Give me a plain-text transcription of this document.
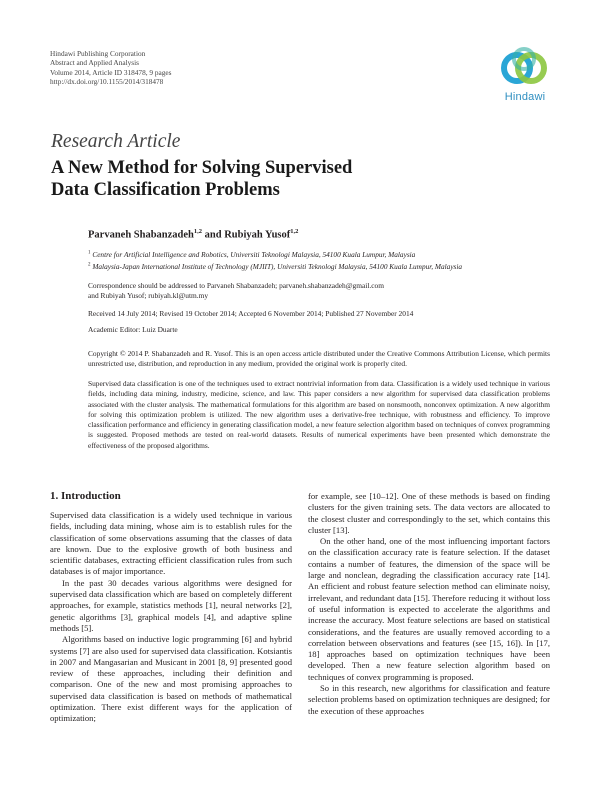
Hindawi Publishing Corporation
Abstract and Applied Analysis
Volume 2014, Article ID 318478, 9 pages
http://dx.doi.org/10.1155/2014/318478
Hindawi
Research Article
A New Method for Solving Supervised
Data Classification Problems
Parvaneh Shabanzadeh$^{1,2}$ and Rubiyah Yusof$^{1,2}$
$^1$ Centre for Artificial Intelligence and Robotics, Universiti Teknologi Malaysia, 54100 Kuala Lumpur, Malaysia
$^2$ Malaysia-Japan International Institute of Technology (MJIIT), Universiti Teknologi Malaysia, 54100 Kuala Lumpur, Malaysia
Correspondence should be addressed to Parvaneh Shabanzadeh; parvaneh.shabanzadeh@gmail.com
and Rubiyah Yusof; rubiyah.kl@utm.my
Received 14 July 2014; Revised 19 October 2014; Accepted 6 November 2014; Published 27 November 2014
Academic Editor: Luiz Duarte
Copyright © 2014 P. Shabanzadeh and R. Yusof. This is an open access article distributed under the Creative Commons Attribution License, which permits unrestricted use, distribution, and reproduction in any medium, provided the original work is properly cited.
Supervised data classification is one of the techniques used to extract nontrivial information from data. Classification is a widely used technique in various fields, including data mining, industry, medicine, science, and law. This paper considers a new algorithm for supervised data classification problems associated with the cluster analysis. The mathematical formulations for this algorithm are based on nonsmooth, nonconvex optimization. A new algorithm for solving this optimization problem is utilized. The new algorithm uses a derivative-free technique, with robustness and efficiency. To improve classification performance and efficiency in generating classification model, a new feature selection algorithm based on techniques of convex programming is suggested. Proposed methods are tested on real-world datasets. Results of numerical experiments have been presented which demonstrate the effectiveness of the proposed algorithms.
1. Introduction

Supervised data classification is a widely used technique in various fields, including data mining, whose aim is to establish rules for the classification of some observations assuming that the classes of data are known. Due to the explosive growth of both business and scientific databases, extracting efficient classification rules from such databases is of major importance.

In the past 30 decades various algorithms were designed for supervised data classification which are based on completely different approaches, for example, statistics methods [1], neural networks [2], genetic algorithms [3], graphical models [4], and adaptive spline methods [5].

Algorithms based on inductive logic programming [6] and hybrid systems [7] are also used for supervised data classification. Kotsiantis in 2007 and Mangasarian and Musicant in 2001 [8, 9] presented good review of these approaches, including their definition and comparison. One of the new and most promising approaches to supervised data classification is based on methods of mathematical optimization. There exist different ways for the application of optimization;

for example, see [10–12]. One of these methods is based on finding clusters for the given training sets. The data vectors are allocated to the closest cluster and correspondingly to the set, which contains this cluster [13].

On the other hand, one of the most influencing important factors on the classification accuracy rate is feature selection. If the dataset contains a number of features, the dimension of the space will be large and nonclean, degrading the classification accuracy rate [14]. An efficient and robust feature selection method can eliminate noisy, irrelevant, and redundant data [15]. Therefore reducing it without loss of useful information is expected to accelerate the algorithms and increase the accuracy. Most feature selections are based on statistical considerations, and the features are usually removed according to a correlation between observations and features (see [15, 16]). In [17, 18] approaches based on optimization techniques have been developed. Then a new feature selection algorithm based on techniques of convex programming is proposed.

So in this research, new algorithms for classification and feature selection problems based on optimization techniques are designed; for the execution of these approaches
